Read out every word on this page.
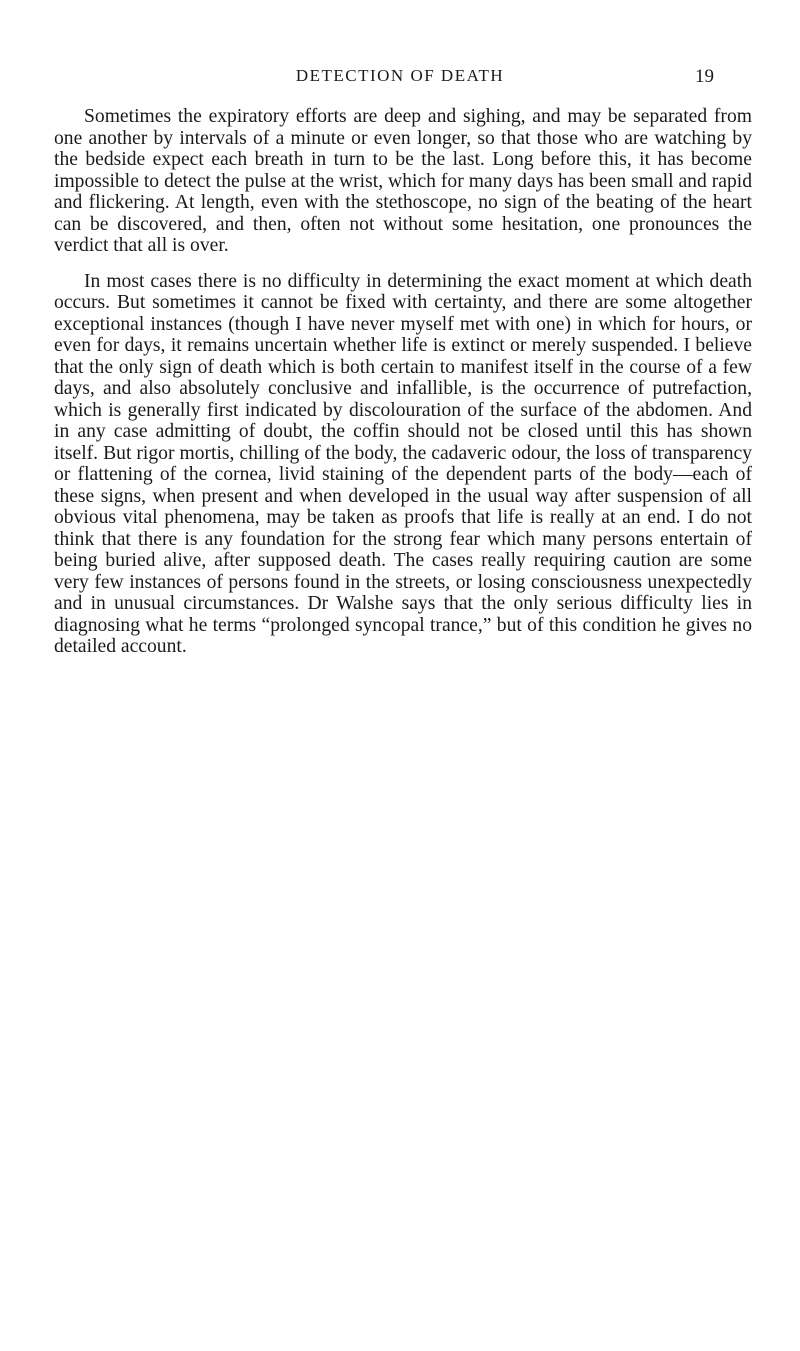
DETECTION OF DEATH	19

Sometimes the expiratory efforts are deep and sighing, and may be separated from one another by intervals of a minute or even longer, so that those who are watching by the bedside expect each breath in turn to be the last. Long before this, it has become impossible to detect the pulse at the wrist, which for many days has been small and rapid and flickering. At length, even with the stethoscope, no sign of the beating of the heart can be discovered, and then, often not without some hesitation, one pronounces the verdict that all is over.

In most cases there is no difficulty in determining the exact moment at which death occurs. But sometimes it cannot be fixed with certainty, and there are some altogether exceptional instances (though I have never myself met with one) in which for hours, or even for days, it remains uncertain whether life is extinct or merely suspended. I believe that the only sign of death which is both certain to manifest itself in the course of a few days, and also absolutely conclusive and infallible, is the occurrence of putrefaction, which is generally first indicated by discolouration of the surface of the abdomen. And in any case admitting of doubt, the coffin should not be closed until this has shown itself. But rigor mortis, chilling of the body, the cadaveric odour, the loss of transparency or flattening of the cornea, livid staining of the dependent parts of the body—each of these signs, when present and when developed in the usual way after suspension of all obvious vital phenomena, may be taken as proofs that life is really at an end. I do not think that there is any foundation for the strong fear which many persons entertain of being buried alive, after supposed death. The cases really requiring caution are some very few instances of persons found in the streets, or losing consciousness unexpectedly and in unusual circumstances. Dr Walshe says that the only serious difficulty lies in diagnosing what he terms “prolonged syncopal trance,” but of this condition he gives no detailed account.
